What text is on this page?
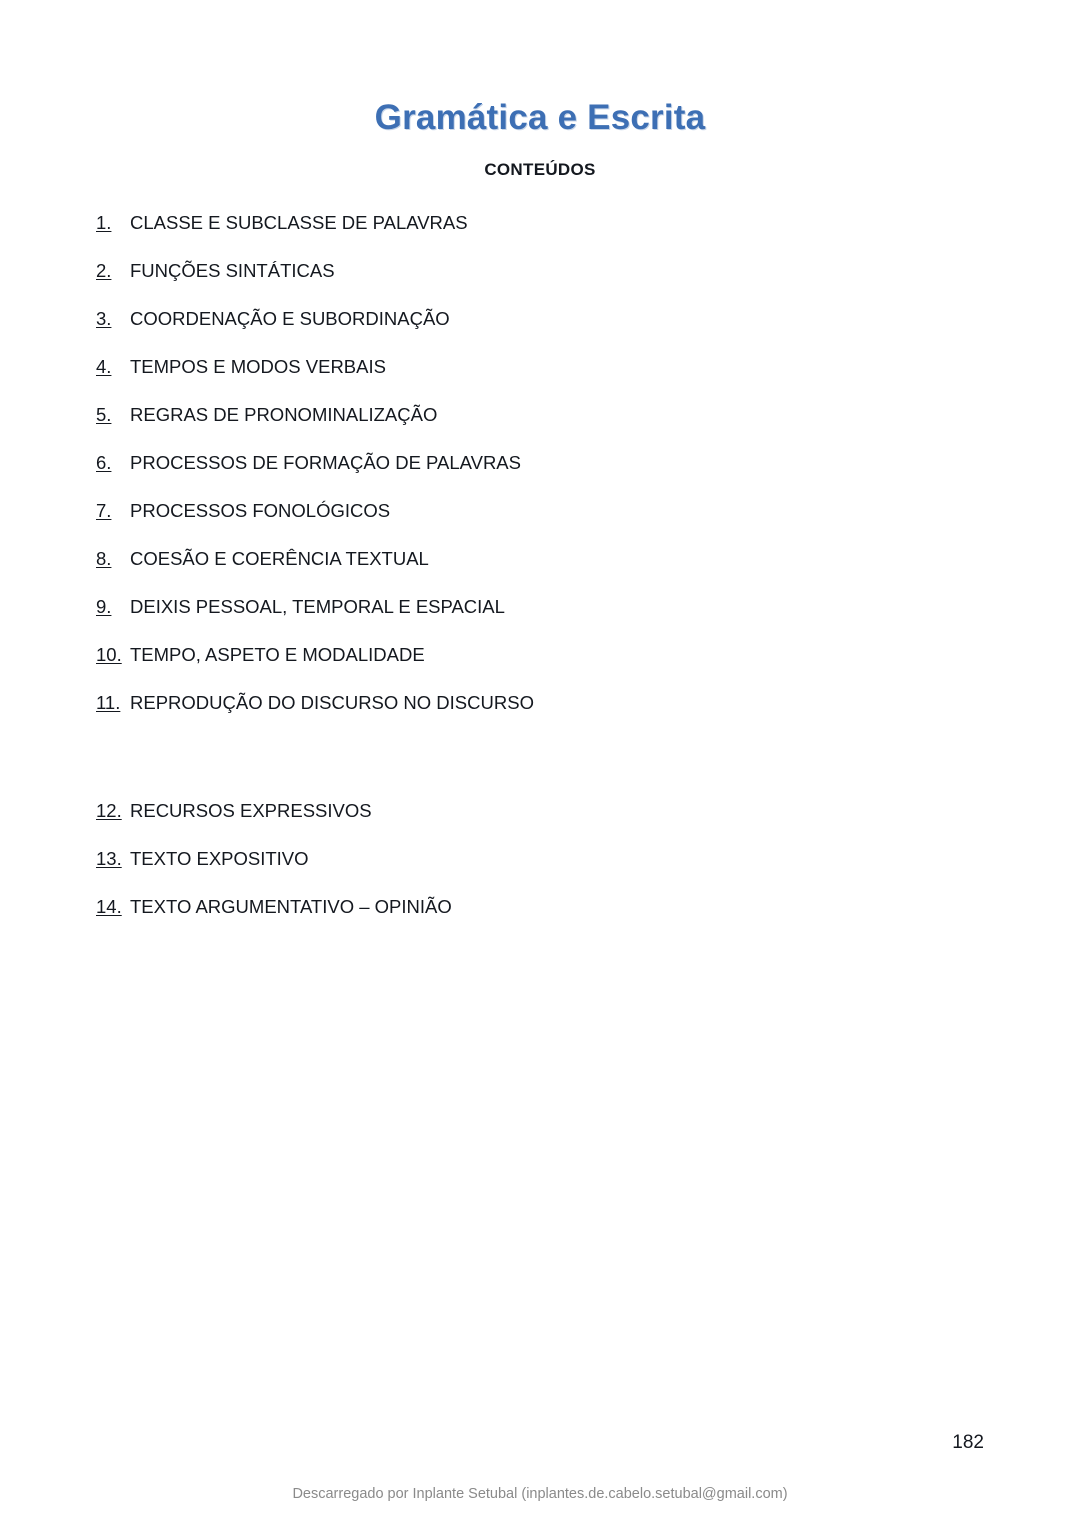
Gramática e Escrita
CONTEÚDOS
1.	CLASSE E SUBCLASSE DE PALAVRAS
2.	FUNÇÕES SINTÁTICAS
3.	COORDENAÇÃO E SUBORDINAÇÃO
4.	TEMPOS E MODOS VERBAIS
5.	REGRAS DE PRONOMINALIZAÇÃO
6.	PROCESSOS DE FORMAÇÃO DE PALAVRAS
7.	PROCESSOS FONOLÓGICOS
8.	COESÃO E COERÊNCIA TEXTUAL
9.	DEIXIS PESSOAL, TEMPORAL E ESPACIAL
10. TEMPO, ASPETO E MODALIDADE
11. REPRODUÇÃO DO DISCURSO NO DISCURSO
12. RECURSOS EXPRESSIVOS
13. TEXTO EXPOSITIVO
14. TEXTO ARGUMENTATIVO – OPINIÃO
182
Descarregado por Inplante Setubal (inplantes.de.cabelo.setubal@gmail.com)
